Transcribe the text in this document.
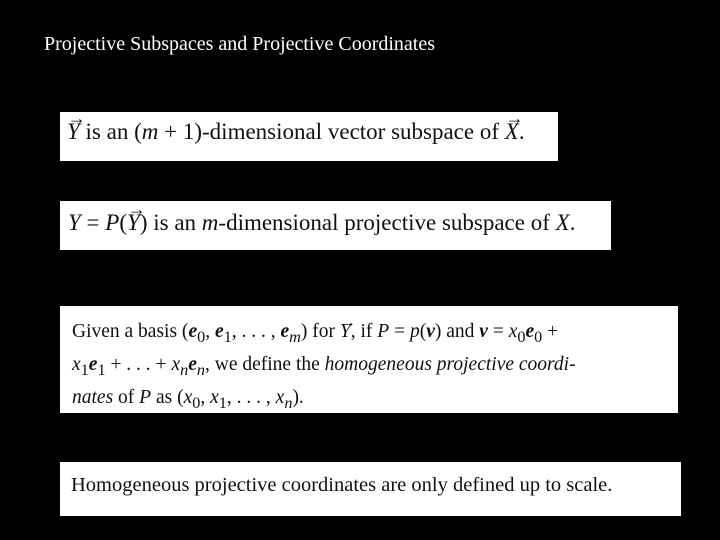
Projective Subspaces and Projective Coordinates
→ Y is an (m + 1)-dimensional vector subspace of → X.
Y = P(→ Y) is an m-dimensional projective subspace of X.
Given a basis ($e_0$, $e_1$, . . . , $e_m$) for → Y, if P = p(v) and $v = x_0e_0$ +
$x_1e_1$ + . . . + $x_ne_n$, we define the homogeneous projective coordi-
nates of P as ($x_0$, $x_1$, . . . , $x_n$).
Homogeneous projective coordinates are only defined up to scale.
